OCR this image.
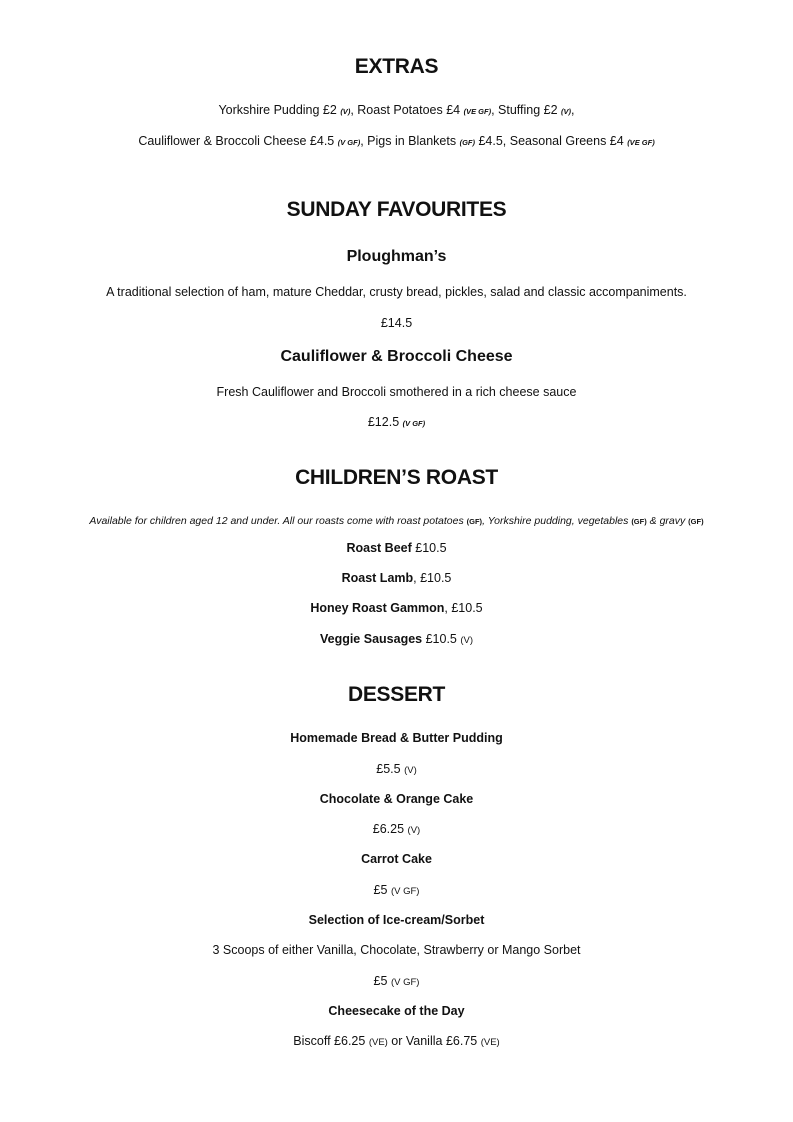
EXTRAS
Yorkshire Pudding £2 (V), Roast Potatoes £4 (VE GF), Stuffing £2 (V),
Cauliflower & Broccoli Cheese £4.5 (V GF), Pigs in Blankets (GF) £4.5, Seasonal Greens £4 (VE GF)
SUNDAY FAVOURITES
Ploughman’s
A traditional selection of ham, mature Cheddar, crusty bread, pickles, salad and classic accompaniments.
£14.5
Cauliflower & Broccoli Cheese
Fresh Cauliflower and Broccoli smothered in a rich cheese sauce
£12.5 (V GF)
CHILDREN’S ROAST
Available for children aged 12 and under. All our roasts come with roast potatoes (GF), Yorkshire pudding, vegetables (GF) & gravy (GF)
Roast Beef £10.5
Roast Lamb, £10.5
Honey Roast Gammon, £10.5
Veggie Sausages £10.5 (V)
DESSERT
Homemade Bread & Butter Pudding
£5.5 (V)
Chocolate & Orange Cake
£6.25 (V)
Carrot Cake
£5 (V GF)
Selection of Ice-cream/Sorbet
3 Scoops of either Vanilla, Chocolate, Strawberry or Mango Sorbet
£5 (V GF)
Cheesecake of the Day
Biscoff £6.25 (VE) or Vanilla £6.75 (VE)
